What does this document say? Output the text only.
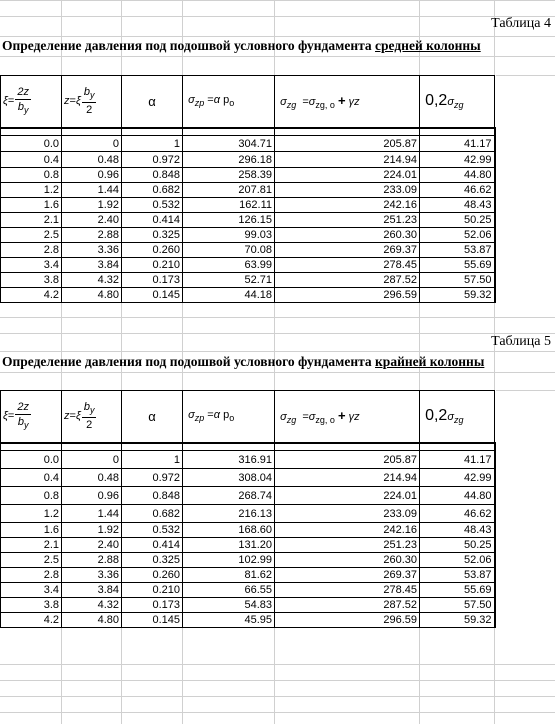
Таблица 4
Определение давления под подошвой условного фундамента средней колонны
$\xi= \frac{2z}{b_y}$	$z=\xi \frac{b_y}{2}$	α	$\sigma_{zp} =\alpha$ $p_o$	$\sigma_{zg} =\sigma_{zg, o} + \gamma z$	$0,2\sigma_{zg}$

0.0	0	1	304.71	205.87	41.17
0.4	0.48	0.972	296.18	214.94	42.99
0.8	0.96	0.848	258.39	224.01	44.80
1.2	1.44	0.682	207.81	233.09	46.62
1.6	1.92	0.532	162.11	242.16	48.43
2.1	2.40	0.414	126.15	251.23	50.25
2.5	2.88	0.325	99.03	260.30	52.06
2.8	3.36	0.260	70.08	269.37	53.87
3.4	3.84	0.210	63.99	278.45	55.69
3.8	4.32	0.173	52.71	287.52	57.50
4.2	4.80	0.145	44.18	296.59	59.32
Таблица 5
Определение давления под подошвой условного фундамента крайней колонны
$\xi= \frac{2z}{b_y}$	$z=\xi \frac{b_y}{2}$	α	$\sigma_{zp} =\alpha$ $p_o$	$\sigma_{zg} =\sigma_{zg, o} + \gamma z$	$0,2\sigma_{zg}$

0.0	0	1	316.91	205.87	41.17
0.4	0.48	0.972	308.04	214.94	42.99
0.8	0.96	0.848	268.74	224.01	44.80
1.2	1.44	0.682	216.13	233.09	46.62
1.6	1.92	0.532	168.60	242.16	48.43
2.1	2.40	0.414	131.20	251.23	50.25
2.5	2.88	0.325	102.99	260.30	52.06
2.8	3.36	0.260	81.62	269.37	53.87
3.4	3.84	0.210	66.55	278.45	55.69
3.8	4.32	0.173	54.83	287.52	57.50
4.2	4.80	0.145	45.95	296.59	59.32
